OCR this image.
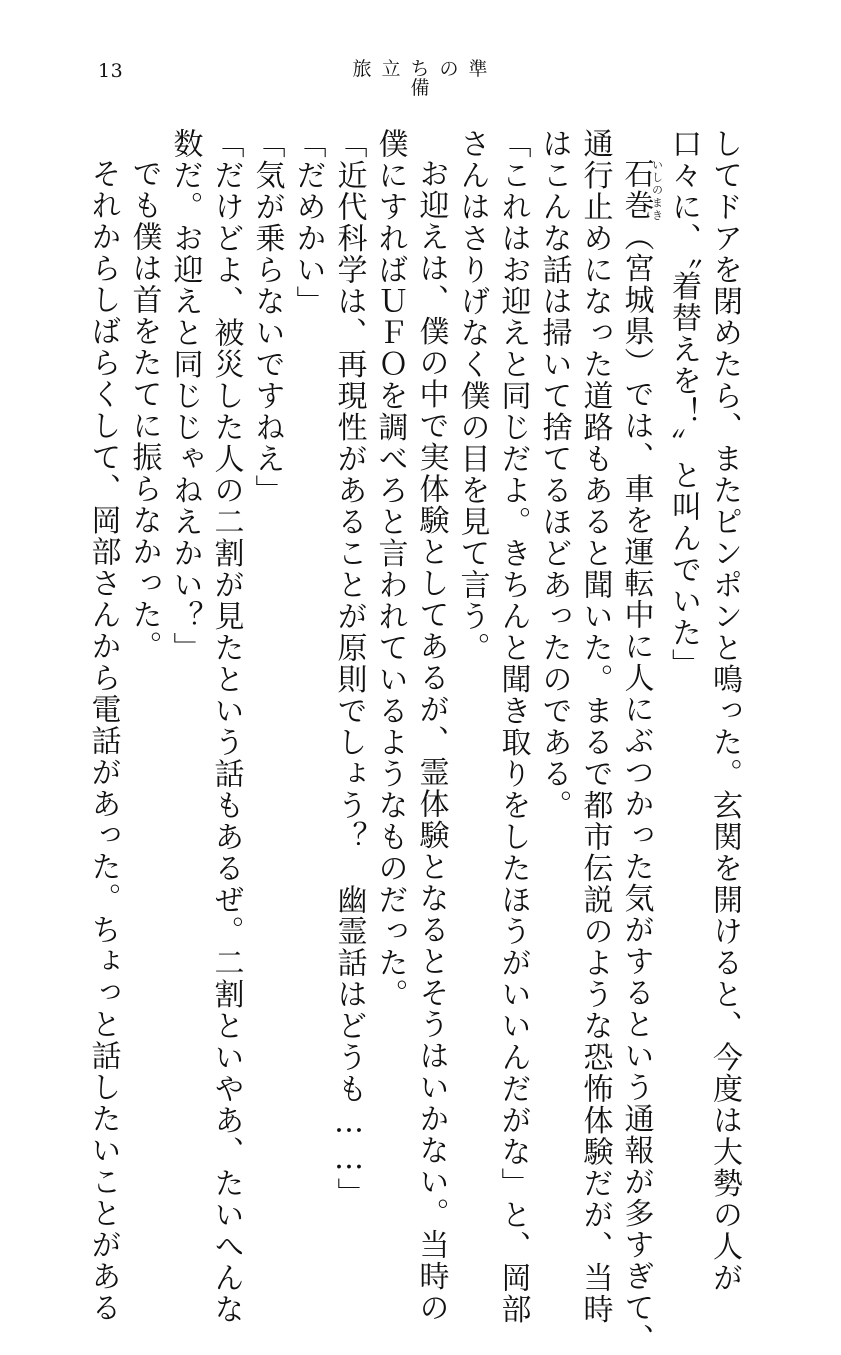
13	旅立ちの準備
してドアを閉めたら、またピンポンと鳴った。玄関を開けると、今度は大勢の人が
口々に、〝着替えを！〟と叫んでいた」
石巻いしのまき（宮城県）では、車を運転中に人にぶつかった気がするという通報が多すぎて、
通行止めになった道路もあると聞いた。まるで都市伝説のような恐怖体験だが、当時
はこんな話は掃いて捨てるほどあったのである。
「これはお迎えと同じだよ。きちんと聞き取りをしたほうがいいんだがな」と、岡部
さんはさりげなく僕の目を見て言う。
お迎えは、僕の中で実体験としてあるが、霊体験となるとそうはいかない。当時の
僕にすればＵＦＯを調べろと言われているようなものだった。
「近代科学は、再現性があることが原則でしょう？　幽霊話はどうも……」
「だめかい」
「気が乗らないですねえ」
「だけどよ、被災した人の二割が見たという話もあるぜ。二割といやあ、たいへんな
数だ。お迎えと同じじゃねえかい？」
でも僕は首をたてに振らなかった。
それからしばらくして、岡部さんから電話があった。ちょっと話したいことがある
